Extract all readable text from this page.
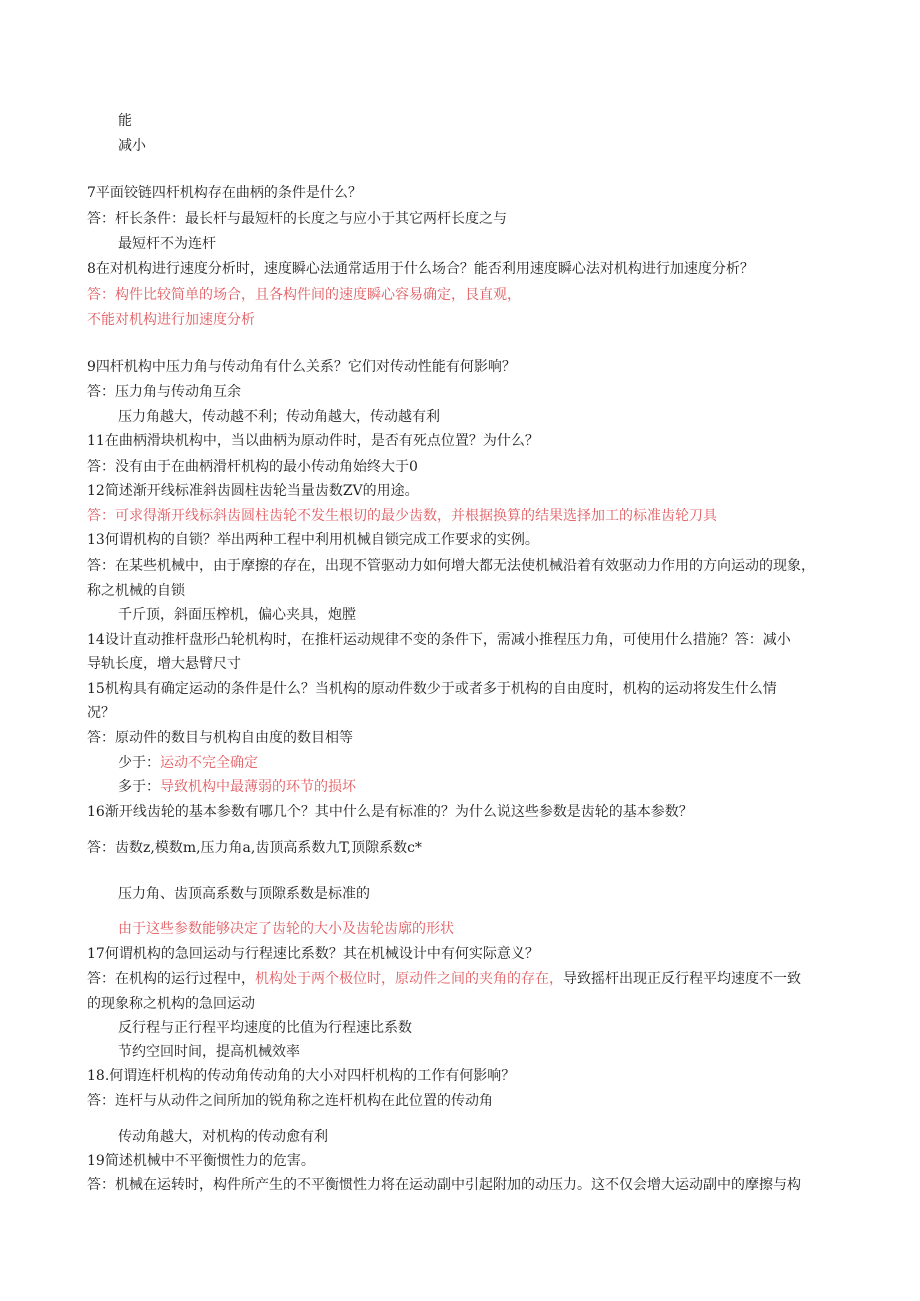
能
减小
7平面铰链四杆机构存在曲柄的条件是什么？
答：杆长条件：最长杆与最短杆的长度之与应小于其它两杆长度之与
最短杆不为连杆
8在对机构进行速度分析时，速度瞬心法通常适用于什么场合？能否利用速度瞬心法对机构进行加速度分析？
答：构件比较简单的场合，且各构件间的速度瞬心容易确定，艮直观，
不能对机构进行加速度分析
9四杆机构中压力角与传动角有什么关系？它们对传动性能有何影响？
答：压力角与传动角互余
压力角越大，传动越不利；传动角越大，传动越有利
11在曲柄滑块机构中，当以曲柄为原动件时，是否有死点位置？为什么？
答：没有由于在曲柄滑杆机构的最小传动角始终大于0
12简述渐开线标准斜齿圆柱齿轮当量齿数ZV的用途。
答：可求得渐开线标斜齿圆柱齿轮不发生根切的最少齿数，并根据换算的结果选择加工的标准齿轮刀具
13何谓机构的自锁？举出两种工程中利用机械自锁完成工作要求的实例。
答：在某些机械中，由于摩擦的存在，出现不管驱动力如何增大都无法使机械沿着有效驱动力作用的方向运动的现象，
称之机械的自锁
千斤顶，斜面压榨机，偏心夹具，炮膛
14设计直动推杆盘形凸轮机构时，在推杆运动规律不变的条件下，需减小推程压力角，可使用什么措施？答：减小
导轨长度，增大悬臂尺寸
15机构具有确定运动的条件是什么？当机构的原动件数少于或者多于机构的自由度时，机构的运动将发生什么情
况？
答：原动件的数目与机构自由度的数目相等
少于：运动不完全确定
多于：导致机构中最薄弱的环节的损坏
16渐开线齿轮的基本参数有哪几个？其中什么是有标准的？为什么说这些参数是齿轮的基本参数？
答：齿数z,模数m,压力角a,齿顶高系数九T,顶隙系数c*
压力角、齿顶高系数与顶隙系数是标准的
由于这些参数能够决定了齿轮的大小及齿轮齿廓的形状
17何谓机构的急回运动与行程速比系数？其在机械设计中有何实际意义？
答：在机构的运行过程中，机构处于两个极位时，原动件之间的夹角的存在，导致摇杆出现正反行程平均速度不一致
的现象称之机构的急回运动
反行程与正行程平均速度的比值为行程速比系数
节约空回时间，提高机械效率
18.何谓连杆机构的传动角传动角的大小对四杆机构的工作有何影响？
答：连杆与从动件之间所加的锐角称之连杆机构在此位置的传动角
传动角越大，对机构的传动愈有利
19简述机械中不平衡惯性力的危害。
答：机械在运转时，构件所产生的不平衡惯性力将在运动副中引起附加的动压力。这不仅会增大运动副中的摩擦与构
